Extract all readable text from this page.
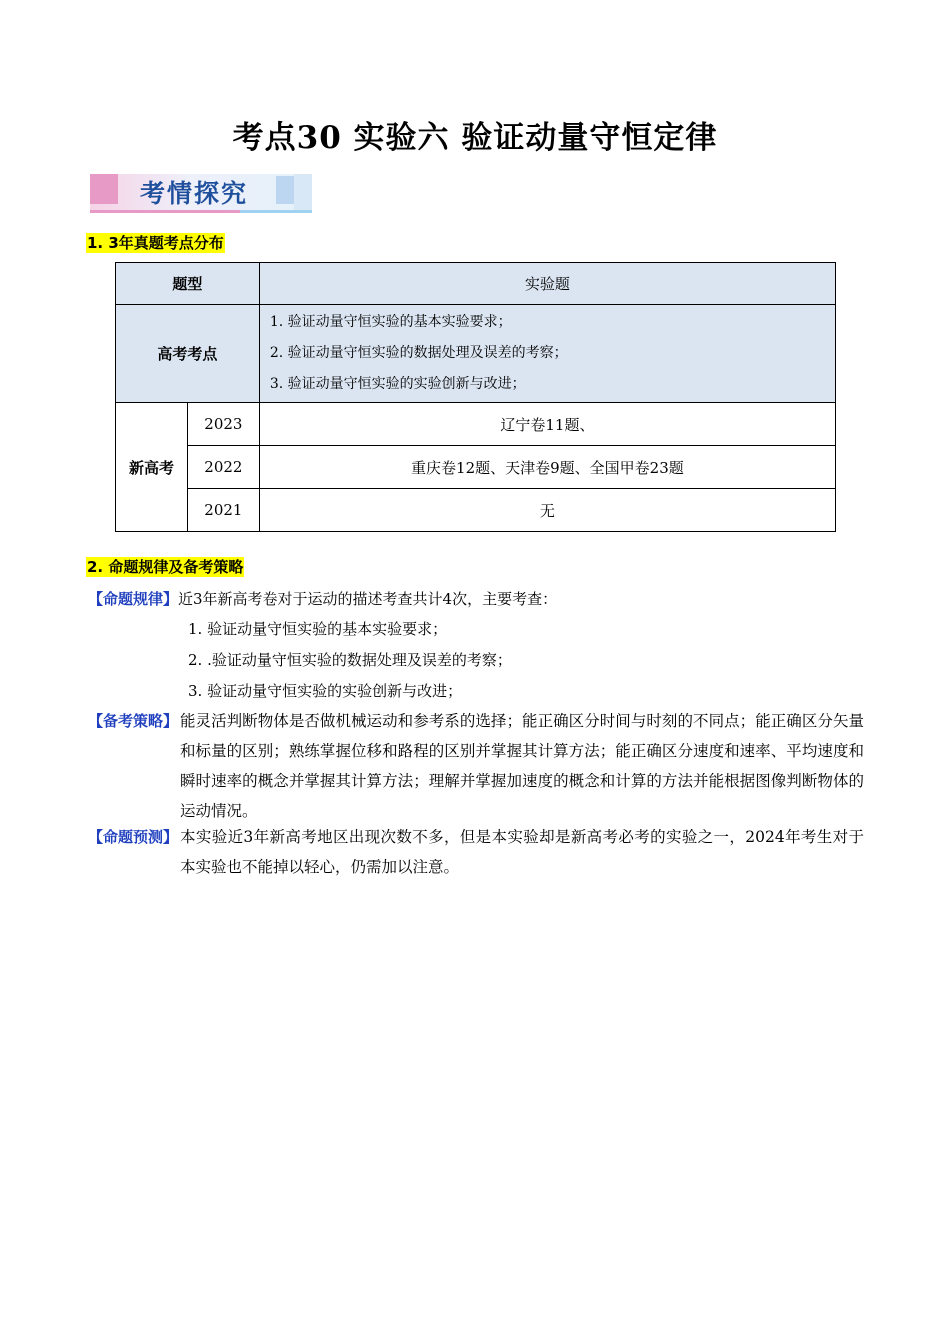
考点30 实验六 验证动量守恒定律
考情探究
1. 3年真题考点分布
题型		实验题
高考考点		1. 验证动量守恒实验的基本实验要求；
2. 验证动量守恒实验的数据处理及误差的考察；
3. 验证动量守恒实验的实验创新与改进；

新高考	2023	辽宁卷11题、
	2022	重庆卷12题、天津卷9题、全国甲卷23题
	2021	无
2. 命题规律及备考策略
【命题规律】近3年新高考卷对于运动的描述考查共计4次，主要考查：
1. 验证动量守恒实验的基本实验要求；
2. .验证动量守恒实验的数据处理及误差的考察；
3. 验证动量守恒实验的实验创新与改进；
【备考策略】 能灵活判断物体是否做机械运动和参考系的选择；能正确区分时间与时刻的不同点；能正确区分矢量和标量的区别；熟练掌握位移和路程的区别并掌握其计算方法；能正确区分速度和速率、平均速度和瞬时速率的概念并掌握其计算方法；理解并掌握加速度的概念和计算的方法并能根据图像判断物体的运动情况。
【命题预测】 本实验近3年新高考地区出现次数不多，但是本实验却是新高考必考的实验之一，2024年考生对于本实验也不能掉以轻心，仍需加以注意。
